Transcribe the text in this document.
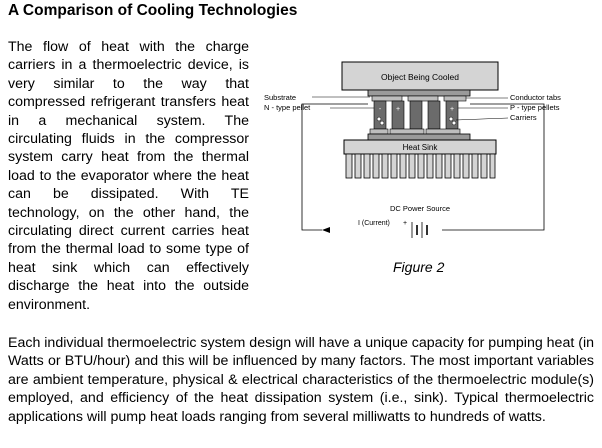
A Comparison of Cooling Technologies

The flow of heat with the charge carriers in a thermoelectric device, is very similar to the way that compressed refrigerant transfers heat in a mechanical system. The circulating fluids in the compressor system carry heat from the thermal load to the evaporator where the heat can be dissipated. With TE technology, on the other hand, the circulating direct current carries heat from the thermal load to some type of heat sink which can effectively discharge the heat into the outside environment.

Object Being Cooled
- +	+
Heat Sink
DC Power Source
I (Current) +
Substrate
N - type pellet
Conductor tabs
P - type pellets
Carriers
Figure 2

Each individual thermoelectric system design will have a unique capacity for pumping heat (in Watts or BTU/hour) and this will be influenced by many factors. The most important variables are ambient temperature, physical & electrical characteristics of the thermoelectric module(s) employed, and efficiency of the heat dissipation system (i.e., sink). Typical thermoelectric applications will pump heat loads ranging from several milliwatts to hundreds of watts.
